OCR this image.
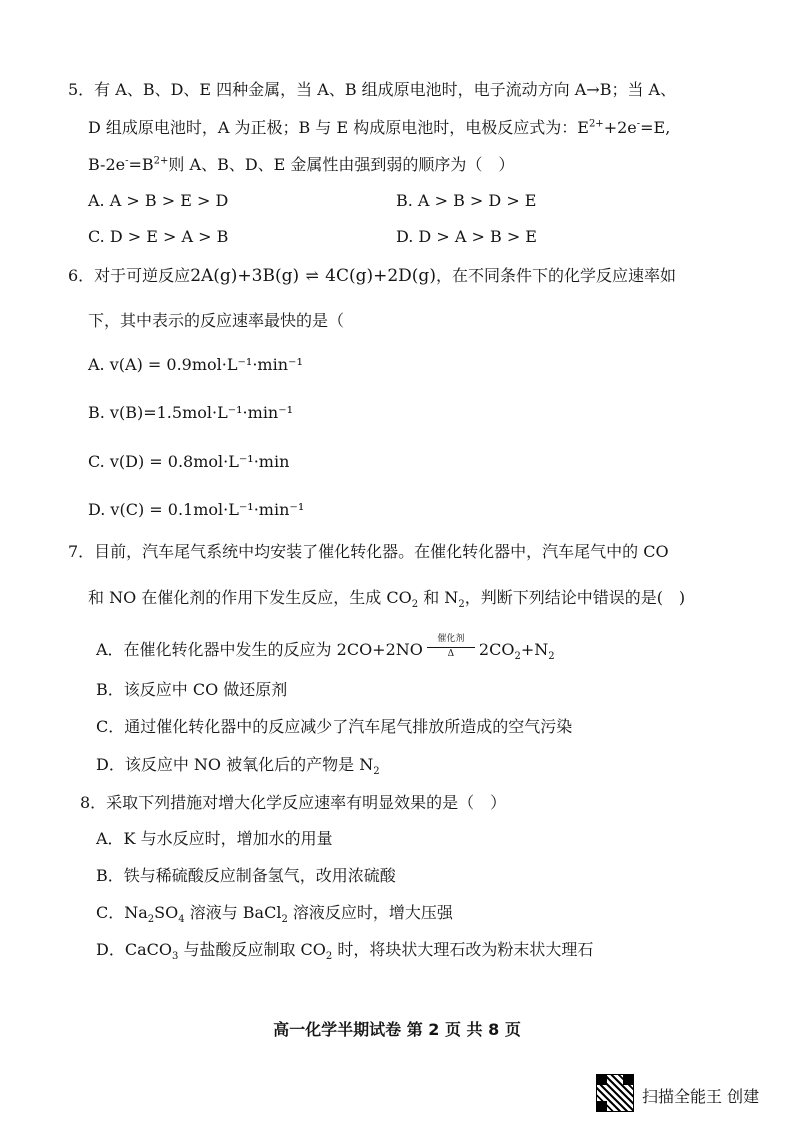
5．有 A、B、D、E 四种金属，当 A、B 组成原电池时，电子流动方向 A→B；当 A、
D 组成原电池时，A 为正极；B 与 E 构成原电池时，电极反应式为：$E^{2+}+2e^-=E$,
$B-2e^-=B^{2+}$则 A、B、D、E 金属性由强到弱的顺序为（　）
A. A > B > E > D	B. A > B > D > E
C. D > E > A > B	D. D > A > B > E
6．对于可逆反应2A(g)+3B(g) ⇌ 4C(g)+2D(g)，在不同条件下的化学反应速率如
下，其中表示的反应速率最快的是（
A. v(A) = 0.9mol·L⁻¹·min⁻¹
B. v(B)=1.5mol·L⁻¹·min⁻¹
C. v(D) = 0.8mol·L⁻¹·min
D. v(C) = 0.1mol·L⁻¹·min⁻¹
7．目前，汽车尾气系统中均安装了催化转化器。在催化转化器中，汽车尾气中的 CO
和 NO 在催化剂的作用下发生反应，生成 $CO_2$ 和 $N_2$，判断下列结论中错误的是(　)
A．在催化转化器中发生的反应为 2CO+2NO
催化剂
Δ	$2CO_2+N_2$
B．该反应中 CO 做还原剂
C．通过催化转化器中的反应减少了汽车尾气排放所造成的空气污染
D．该反应中 NO 被氧化后的产物是 $N_2$
8．采取下列措施对增大化学反应速率有明显效果的是（　）
A．K 与水反应时，增加水的用量
B．铁与稀硫酸反应制备氢气，改用浓硫酸
C．$Na_2SO_4$ 溶液与 BaCl$_2$ 溶液反应时，增大压强
D．CaCO$_3$ 与盐酸反应制取 $CO_2$ 时，将块状大理石改为粉末状大理石
高一化学半期试卷 第 2 页 共 8 页
扫描全能王 创建
